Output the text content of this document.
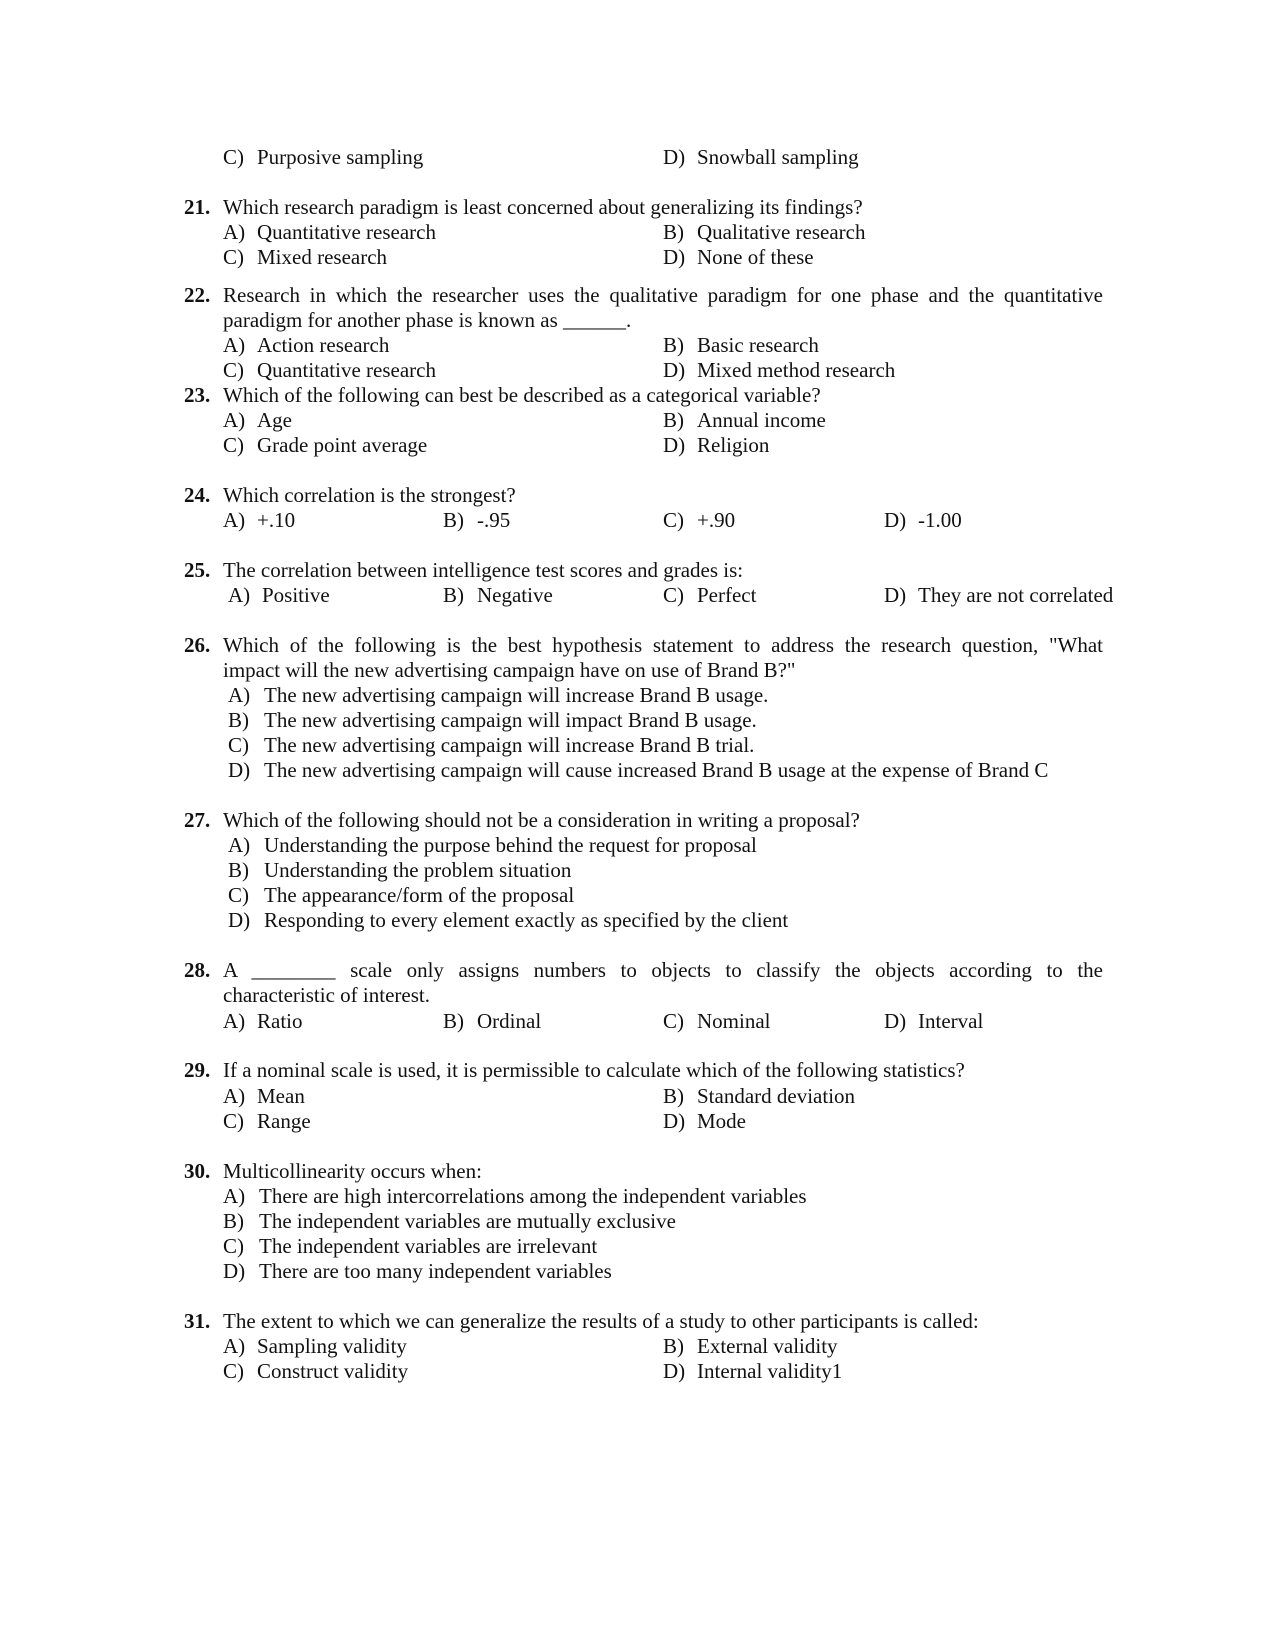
C) Purposive sampling	D) Snowball sampling
21. Which research paradigm is least concerned about generalizing its findings?
A) Quantitative research	B) Qualitative research
C) Mixed research	D) None of these
22. Research in which the researcher uses the qualitative paradigm for one phase and the quantitative
paradigm for another phase is known as ______.
A) Action research	B) Basic research
C) Quantitative research	D) Mixed method research
23. Which of the following can best be described as a categorical variable?
A) Age	B) Annual income
C) Grade point average	D) Religion
24. Which correlation is the strongest?
A) +.10	B) -.95	C) +.90	D) -1.00
25. The correlation between intelligence test scores and grades is:
A) Positive	B) Negative	C) Perfect	D) They are not correlated
26. Which of the following is the best hypothesis statement to address the research question, "What
impact will the new advertising campaign have on use of Brand B?"
A) The new advertising campaign will increase Brand B usage.
B) The new advertising campaign will impact Brand B usage.
C) The new advertising campaign will increase Brand B trial.
D) The new advertising campaign will cause increased Brand B usage at the expense of Brand C
27. Which of the following should not be a consideration in writing a proposal?
A) Understanding the purpose behind the request for proposal
B) Understanding the problem situation
C) The appearance/form of the proposal
D) Responding to every element exactly as specified by the client
28. A ________ scale only assigns numbers to objects to classify the objects according to the
characteristic of interest.
A) Ratio	B) Ordinal	C) Nominal	D) Interval
29. If a nominal scale is used, it is permissible to calculate which of the following statistics?
A) Mean	B) Standard deviation
C) Range	D) Mode
30. Multicollinearity occurs when:
A) There are high intercorrelations among the independent variables
B) The independent variables are mutually exclusive
C) The independent variables are irrelevant
D) There are too many independent variables
31. The extent to which we can generalize the results of a study to other participants is called:
A) Sampling validity	B) External validity
C) Construct validity	D) Internal validity1
